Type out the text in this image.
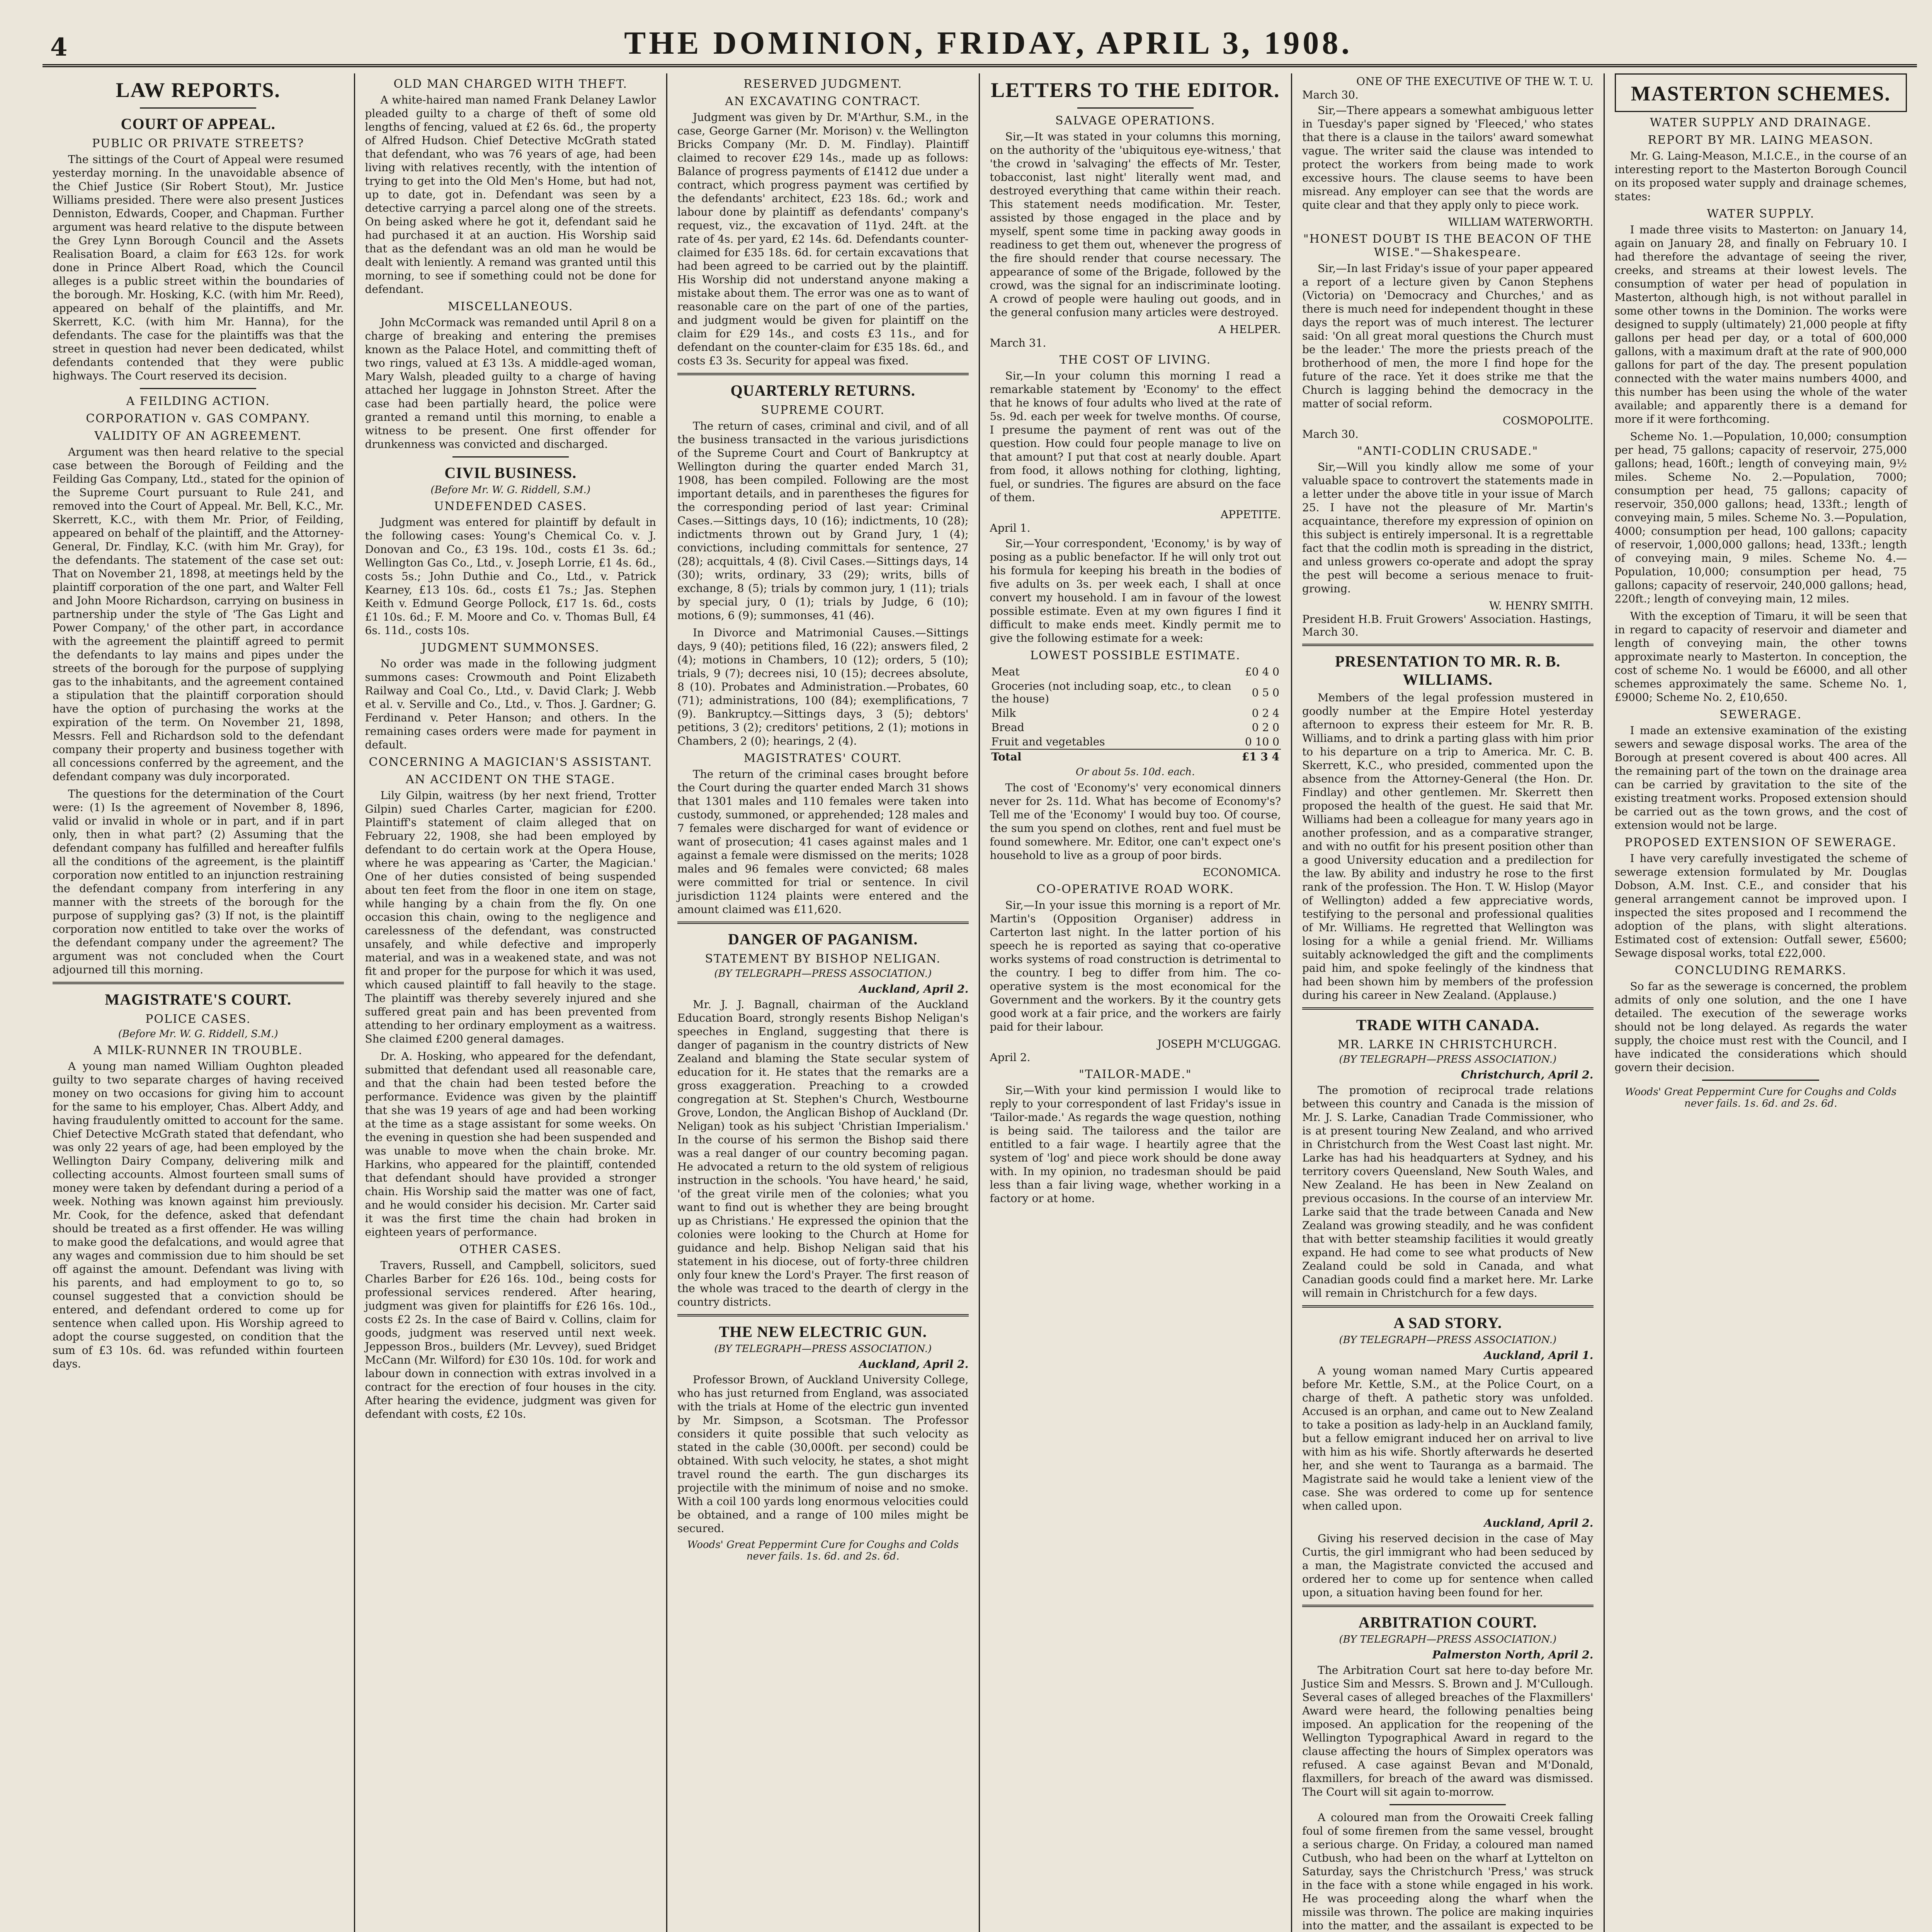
4	THE DOMINION, FRIDAY, APRIL 3, 1908.
LAW REPORTS.
COURT OF APPEAL.
PUBLIC OR PRIVATE STREETS?

The sittings of the Court of Appeal were resumed yesterday morning. In the unavoidable absence of the Chief Justice (Sir Robert Stout), Mr. Justice Williams presided. There were also present Justices Denniston, Edwards, Cooper, and Chapman. Further argument was heard relative to the dispute between the Grey Lynn Borough Council and the Assets Realisation Board, a claim for £63 12s. for work done in Prince Albert Road, which the Council alleges is a public street within the boundaries of the borough. Mr. Hosking, K.C. (with him Mr. Reed), appeared on behalf of the plaintiffs, and Mr. Skerrett, K.C. (with him Mr. Hanna), for the defendants. The case for the plaintiffs was that the street in question had never been dedicated, whilst defendants contended that they were public highways. The Court reserved its decision.

A FEILDING ACTION.
CORPORATION v. GAS COMPANY.
VALIDITY OF AN AGREEMENT.

Argument was then heard relative to the special case between the Borough of Feilding and the Feilding Gas Company, Ltd., stated for the opinion of the Supreme Court pursuant to Rule 241, and removed into the Court of Appeal. Mr. Bell, K.C., Mr. Skerrett, K.C., with them Mr. Prior, of Feilding, appeared on behalf of the plaintiff, and the Attorney-General, Dr. Findlay, K.C. (with him Mr. Gray), for the defendants. The statement of the case set out: That on November 21, 1898, at meetings held by the plaintiff corporation of the one part, and Walter Fell and John Moore Richardson, carrying on business in partnership under the style of 'The Gas Light and Power Company,' of the other part, in accordance with the agreement the plaintiff agreed to permit the defendants to lay mains and pipes under the streets of the borough for the purpose of supplying gas to the inhabitants, and the agreement contained a stipulation that the plaintiff corporation should have the option of purchasing the works at the expiration of the term. On November 21, 1898, Messrs. Fell and Richardson sold to the defendant company their property and business together with all concessions conferred by the agreement, and the defendant company was duly incorporated.

The questions for the determination of the Court were: (1) Is the agreement of November 8, 1896, valid or invalid in whole or in part, and if in part only, then in what part? (2) Assuming that the defendant company has fulfilled and hereafter fulfils all the conditions of the agreement, is the plaintiff corporation now entitled to an injunction restraining the defendant company from interfering in any manner with the streets of the borough for the purpose of supplying gas? (3) If not, is the plaintiff corporation now entitled to take over the works of the defendant company under the agreement? The argument was not concluded when the Court adjourned till this morning.

MAGISTRATE'S COURT.
POLICE CASES.
(Before Mr. W. G. Riddell, S.M.)
A MILK-RUNNER IN TROUBLE.

A young man named William Oughton pleaded guilty to two separate charges of having received money on two occasions for giving him to account for the same to his employer, Chas. Albert Addy, and having fraudulently omitted to account for the same. Chief Detective McGrath stated that defendant, who was only 22 years of age, had been employed by the Wellington Dairy Company, delivering milk and collecting accounts. Almost fourteen small sums of money were taken by defendant during a period of a week. Nothing was known against him previously. Mr. Cook, for the defence, asked that defendant should be treated as a first offender. He was willing to make good the defalcations, and would agree that any wages and commission due to him should be set off against the amount. Defendant was living with his parents, and had employment to go to, so counsel suggested that a conviction should be entered, and defendant ordered to come up for sentence when called upon. His Worship agreed to adopt the course suggested, on condition that the sum of £3 10s. 6d. was refunded within fourteen days.

OLD MAN CHARGED WITH THEFT.

A white-haired man named Frank Delaney Lawlor pleaded guilty to a charge of theft of some old lengths of fencing, valued at £2 6s. 6d., the property of Alfred Hudson. Chief Detective McGrath stated that defendant, who was 76 years of age, had been living with relatives recently, with the intention of trying to get into the Old Men's Home, but had not, up to date, got in. Defendant was seen by a detective carrying a parcel along one of the streets. On being asked where he got it, defendant said he had purchased it at an auction. His Worship said that as the defendant was an old man he would be dealt with leniently. A remand was granted until this morning, to see if something could not be done for defendant.

MISCELLANEOUS.

John McCormack was remanded until April 8 on a charge of breaking and entering the premises known as the Palace Hotel, and committing theft of two rings, valued at £3 13s. A middle-aged woman, Mary Walsh, pleaded guilty to a charge of having attached her luggage in Johnston Street. After the case had been partially heard, the police were granted a remand until this morning, to enable a witness to be present. One first offender for drunkenness was convicted and discharged.

CIVIL BUSINESS.
(Before Mr. W. G. Riddell, S.M.)
UNDEFENDED CASES.

Judgment was entered for plaintiff by default in the following cases: Young's Chemical Co. v. J. Donovan and Co., £3 19s. 10d., costs £1 3s. 6d.; Wellington Gas Co., Ltd., v. Joseph Lorrie, £1 4s. 6d., costs 5s.; John Duthie and Co., Ltd., v. Patrick Kearney, £13 10s. 6d., costs £1 7s.; Jas. Stephen Keith v. Edmund George Pollock, £17 1s. 6d., costs £1 10s. 6d.; F. M. Moore and Co. v. Thomas Bull, £4 6s. 11d., costs 10s.

JUDGMENT SUMMONSES.

No order was made in the following judgment summons cases: Crowmouth and Point Elizabeth Railway and Coal Co., Ltd., v. David Clark; J. Webb et al. v. Serville and Co., Ltd., v. Thos. J. Gardner; G. Ferdinand v. Peter Hanson; and others. In the remaining cases orders were made for payment in default.

CONCERNING A MAGICIAN'S ASSISTANT.
AN ACCIDENT ON THE STAGE.

Lily Gilpin, waitress (by her next friend, Trotter Gilpin) sued Charles Carter, magician for £200. Plaintiff's statement of claim alleged that on February 22, 1908, she had been employed by defendant to do certain work at the Opera House, where he was appearing as 'Carter, the Magician.' One of her duties consisted of being suspended about ten feet from the floor in one item on stage, while hanging by a chain from the fly. On one occasion this chain, owing to the negligence and carelessness of the defendant, was constructed unsafely, and while defective and improperly material, and was in a weakened state, and was not fit and proper for the purpose for which it was used, which caused plaintiff to fall heavily to the stage. The plaintiff was thereby severely injured and she suffered great pain and has been prevented from attending to her ordinary employment as a waitress. She claimed £200 general damages.

Dr. A. Hosking, who appeared for the defendant, submitted that defendant used all reasonable care, and that the chain had been tested before the performance. Evidence was given by the plaintiff that she was 19 years of age and had been working at the time as a stage assistant for some weeks. On the evening in question she had been suspended and was unable to move when the chain broke. Mr. Harkins, who appeared for the plaintiff, contended that defendant should have provided a stronger chain. His Worship said the matter was one of fact, and he would consider his decision. Mr. Carter said it was the first time the chain had broken in eighteen years of performance.

OTHER CASES.

Travers, Russell, and Campbell, solicitors, sued Charles Barber for £26 16s. 10d., being costs for professional services rendered. After hearing, judgment was given for plaintiffs for £26 16s. 10d., costs £2 2s. In the case of Baird v. Collins, claim for goods, judgment was reserved until next week. Jeppesson Bros., builders (Mr. Levvey), sued Bridget McCann (Mr. Wilford) for £30 10s. 10d. for work and labour down in connection with extras involved in a contract for the erection of four houses in the city. After hearing the evidence, judgment was given for defendant with costs, £2 10s.

RESERVED JUDGMENT.
AN EXCAVATING CONTRACT.

Judgment was given by Dr. M'Arthur, S.M., in the case, George Garner (Mr. Morison) v. the Wellington Bricks Company (Mr. D. M. Findlay). Plaintiff claimed to recover £29 14s., made up as follows: Balance of progress payments of £1412 due under a contract, which progress payment was certified by the defendants' architect, £23 18s. 6d.; work and labour done by plaintiff as defendants' company's request, viz., the excavation of 11yd. 24ft. at the rate of 4s. per yard, £2 14s. 6d. Defendants counter-claimed for £35 18s. 6d. for certain excavations that had been agreed to be carried out by the plaintiff. His Worship did not understand anyone making a mistake about them. The error was one as to want of reasonable care on the part of one of the parties, and judgment would be given for plaintiff on the claim for £29 14s., and costs £3 11s., and for defendant on the counter-claim for £35 18s. 6d., and costs £3 3s. Security for appeal was fixed.

QUARTERLY RETURNS.
SUPREME COURT.

The return of cases, criminal and civil, and of all the business transacted in the various jurisdictions of the Supreme Court and Court of Bankruptcy at Wellington during the quarter ended March 31, 1908, has been compiled. Following are the most important details, and in parentheses the figures for the corresponding period of last year: Criminal Cases.—Sittings days, 10 (16); indictments, 10 (28); indictments thrown out by Grand Jury, 1 (4); convictions, including committals for sentence, 27 (28); acquittals, 4 (8). Civil Cases.—Sittings days, 14 (30); writs, ordinary, 33 (29); writs, bills of exchange, 8 (5); trials by common jury, 1 (11); trials by special jury, 0 (1); trials by Judge, 6 (10); motions, 6 (9); summonses, 41 (46).

In Divorce and Matrimonial Causes.—Sittings days, 9 (40); petitions filed, 16 (22); answers filed, 2 (4); motions in Chambers, 10 (12); orders, 5 (10); trials, 9 (7); decrees nisi, 10 (15); decrees absolute, 8 (10). Probates and Administration.—Probates, 60 (71); administrations, 100 (84); exemplifications, 7 (9). Bankruptcy.—Sittings days, 3 (5); debtors' petitions, 3 (2); creditors' petitions, 2 (1); motions in Chambers, 2 (0); hearings, 2 (4).

MAGISTRATES' COURT.

The return of the criminal cases brought before the Court during the quarter ended March 31 shows that 1301 males and 110 females were taken into custody, summoned, or apprehended; 128 males and 7 females were discharged for want of evidence or want of prosecution; 41 cases against males and 1 against a female were dismissed on the merits; 1028 males and 96 females were convicted; 68 males were committed for trial or sentence. In civil jurisdiction 1124 plaints were entered and the amount claimed was £11,620.

DANGER OF PAGANISM.
STATEMENT BY BISHOP NELIGAN.
(BY TELEGRAPH—PRESS ASSOCIATION.)
Auckland, April 2.

Mr. J. J. Bagnall, chairman of the Auckland Education Board, strongly resents Bishop Neligan's speeches in England, suggesting that there is danger of paganism in the country districts of New Zealand and blaming the State secular system of education for it. He states that the remarks are a gross exaggeration. Preaching to a crowded congregation at St. Stephen's Church, Westbourne Grove, London, the Anglican Bishop of Auckland (Dr. Neligan) took as his subject 'Christian Imperialism.' In the course of his sermon the Bishop said there was a real danger of our country becoming pagan. He advocated a return to the old system of religious instruction in the schools. 'You have heard,' he said, 'of the great virile men of the colonies; what you want to find out is whether they are being brought up as Christians.' He expressed the opinion that the colonies were looking to the Church at Home for guidance and help. Bishop Neligan said that his statement in his diocese, out of forty-three children only four knew the Lord's Prayer. The first reason of the whole was traced to the dearth of clergy in the country districts.

THE NEW ELECTRIC GUN.
(BY TELEGRAPH—PRESS ASSOCIATION.)
Auckland, April 2.

Professor Brown, of Auckland University College, who has just returned from England, was associated with the trials at Home of the electric gun invented by Mr. Simpson, a Scotsman. The Professor considers it quite possible that such velocity as stated in the cable (30,000ft. per second) could be obtained. With such velocity, he states, a shot might travel round the earth. The gun discharges its projectile with the minimum of noise and no smoke. With a coil 100 yards long enormous velocities could be obtained, and a range of 100 miles might be secured.

Woods' Great Peppermint Cure for Coughs and Colds never fails. 1s. 6d. and 2s. 6d.
LETTERS TO THE EDITOR.
SALVAGE OPERATIONS.

Sir,—It was stated in your columns this morning, on the authority of the 'ubiquitous eye-witness,' that 'the crowd in 'salvaging' the effects of Mr. Tester, tobacconist, last night' literally went mad, and destroyed everything that came within their reach. This statement needs modification. Mr. Tester, assisted by those engaged in the place and by myself, spent some time in packing away goods in readiness to get them out, whenever the progress of the fire should render that course necessary. The appearance of some of the Brigade, followed by the crowd, was the signal for an indiscriminate looting. A crowd of people were hauling out goods, and in the general confusion many articles were destroyed.

A HELPER.
March 31.
THE COST OF LIVING.

Sir,—In your column this morning I read a remarkable statement by 'Economy' to the effect that he knows of four adults who lived at the rate of 5s. 9d. each per week for twelve months. Of course, I presume the payment of rent was out of the question. How could four people manage to live on that amount? I put that cost at nearly double. Apart from food, it allows nothing for clothing, lighting, fuel, or sundries. The figures are absurd on the face of them.

APPETITE.
April 1.

Sir,—Your correspondent, 'Economy,' is by way of posing as a public benefactor. If he will only trot out his formula for keeping his breath in the bodies of five adults on 3s. per week each, I shall at once convert my household. I am in favour of the lowest possible estimate. Even at my own figures I find it difficult to make ends meet. Kindly permit me to give the following estimate for a week:

LOWEST POSSIBLE ESTIMATE.
Meat	£0 4 0
Groceries (not including soap, etc., to clean the house)	0 5 0
Milk	0 2 4
Bread	0 2 0
Fruit and vegetables	0 10 0
Total	£1 3 4
Or about 5s. 10d. each.

The cost of 'Economy's' very economical dinners never for 2s. 11d. What has become of Economy's? Tell me of the 'Economy' I would buy too. Of course, the sum you spend on clothes, rent and fuel must be found somewhere. Mr. Editor, one can't expect one's household to live as a group of poor birds.

ECONOMICA.
CO-OPERATIVE ROAD WORK.

Sir,—In your issue this morning is a report of Mr. Martin's (Opposition Organiser) address in Carterton last night. In the latter portion of his speech he is reported as saying that co-operative works systems of road construction is detrimental to the country. I beg to differ from him. The co-operative system is the most economical for the Government and the workers. By it the country gets good work at a fair price, and the workers are fairly paid for their labour.

JOSEPH M'CLUGGAG.
April 2.
"TAILOR-MADE."

Sir,—With your kind permission I would like to reply to your correspondent of last Friday's issue in 'Tailor-made.' As regards the wage question, nothing is being said. The tailoress and the tailor are entitled to a fair wage. I heartily agree that the system of 'log' and piece work should be done away with. In my opinion, no tradesman should be paid less than a fair living wage, whether working in a factory or at home.

ONE OF THE EXECUTIVE OF THE W. T. U.
March 30.

Sir,—There appears a somewhat ambiguous letter in Tuesday's paper signed by 'Fleeced,' who states that there is a clause in the tailors' award somewhat vague. The writer said the clause was intended to protect the workers from being made to work excessive hours. The clause seems to have been misread. Any employer can see that the words are quite clear and that they apply only to piece work.

WILLIAM WATERWORTH.
"HONEST DOUBT IS THE BEACON OF THE WISE."—Shakespeare.

Sir,—In last Friday's issue of your paper appeared a report of a lecture given by Canon Stephens (Victoria) on 'Democracy and Churches,' and as there is much need for independent thought in these days the report was of much interest. The lecturer said: 'On all great moral questions the Church must be the leader.' The more the priests preach of the brotherhood of men, the more I find hope for the future of the race. Yet it does strike me that the Church is lagging behind the democracy in the matter of social reform.

COSMOPOLITE.
March 30.
"ANTI-CODLIN CRUSADE."

Sir,—Will you kindly allow me some of your valuable space to controvert the statements made in a letter under the above title in your issue of March 25. I have not the pleasure of Mr. Martin's acquaintance, therefore my expression of opinion on this subject is entirely impersonal. It is a regrettable fact that the codlin moth is spreading in the district, and unless growers co-operate and adopt the spray the pest will become a serious menace to fruit-growing.

W. HENRY SMITH.
President H.B. Fruit Growers' Association. Hastings, March 30.
PRESENTATION TO MR. R. B. WILLIAMS.

Members of the legal profession mustered in goodly number at the Empire Hotel yesterday afternoon to express their esteem for Mr. R. B. Williams, and to drink a parting glass with him prior to his departure on a trip to America. Mr. C. B. Skerrett, K.C., who presided, commented upon the absence from the Attorney-General (the Hon. Dr. Findlay) and other gentlemen. Mr. Skerrett then proposed the health of the guest. He said that Mr. Williams had been a colleague for many years ago in another profession, and as a comparative stranger, and with no outfit for his present position other than a good University education and a predilection for the law. By ability and industry he rose to the first rank of the profession. The Hon. T. W. Hislop (Mayor of Wellington) added a few appreciative words, testifying to the personal and professional qualities of Mr. Williams. He regretted that Wellington was losing for a while a genial friend. Mr. Williams suitably acknowledged the gift and the compliments paid him, and spoke feelingly of the kindness that had been shown him by members of the profession during his career in New Zealand. (Applause.)

TRADE WITH CANADA.
MR. LARKE IN CHRISTCHURCH.
(BY TELEGRAPH—PRESS ASSOCIATION.)
Christchurch, April 2.

The promotion of reciprocal trade relations between this country and Canada is the mission of Mr. J. S. Larke, Canadian Trade Commissioner, who is at present touring New Zealand, and who arrived in Christchurch from the West Coast last night. Mr. Larke has had his headquarters at Sydney, and his territory covers Queensland, New South Wales, and New Zealand. He has been in New Zealand on previous occasions. In the course of an interview Mr. Larke said that the trade between Canada and New Zealand was growing steadily, and he was confident that with better steamship facilities it would greatly expand. He had come to see what products of New Zealand could be sold in Canada, and what Canadian goods could find a market here. Mr. Larke will remain in Christchurch for a few days.

A SAD STORY.
(BY TELEGRAPH—PRESS ASSOCIATION.)
Auckland, April 1.

A young woman named Mary Curtis appeared before Mr. Kettle, S.M., at the Police Court, on a charge of theft. A pathetic story was unfolded. Accused is an orphan, and came out to New Zealand to take a position as lady-help in an Auckland family, but a fellow emigrant induced her on arrival to live with him as his wife. Shortly afterwards he deserted her, and she went to Tauranga as a barmaid. The Magistrate said he would take a lenient view of the case. She was ordered to come up for sentence when called upon.

Auckland, April 2.

Giving his reserved decision in the case of May Curtis, the girl immigrant who had been seduced by a man, the Magistrate convicted the accused and ordered her to come up for sentence when called upon, a situation having been found for her.

ARBITRATION COURT.
(BY TELEGRAPH—PRESS ASSOCIATION.)
Palmerston North, April 2.

The Arbitration Court sat here to-day before Mr. Justice Sim and Messrs. S. Brown and J. M'Cullough. Several cases of alleged breaches of the Flaxmillers' Award were heard, the following penalties being imposed. An application for the reopening of the Wellington Typographical Award in regard to the clause affecting the hours of Simplex operators was refused. A case against Bevan and M'Donald, flaxmillers, for breach of the award was dismissed. The Court will sit again to-morrow.

A coloured man from the Orowaiti Creek falling foul of some firemen from the same vessel, brought a serious charge. On Friday, a coloured man named Cutbush, who had been on the wharf at Lyttelton on Saturday, says the Christchurch 'Press,' was struck in the face with a stone while engaged in his work. He was proceeding along the wharf when the missile was thrown. The police are making inquiries into the matter, and the assailant is expected to be

MASTERTON SCHEMES.
WATER SUPPLY AND DRAINAGE.
REPORT BY MR. LAING MEASON.

Mr. G. Laing-Meason, M.I.C.E., in the course of an interesting report to the Masterton Borough Council on its proposed water supply and drainage schemes, states:

WATER SUPPLY.

I made three visits to Masterton: on January 14, again on January 28, and finally on February 10. I had therefore the advantage of seeing the river, creeks, and streams at their lowest levels. The consumption of water per head of population in Masterton, although high, is not without parallel in some other towns in the Dominion. The works were designed to supply (ultimately) 21,000 people at fifty gallons per head per day, or a total of 600,000 gallons, with a maximum draft at the rate of 900,000 gallons for part of the day. The present population connected with the water mains numbers 4000, and this number has been using the whole of the water available; and apparently there is a demand for more if it were forthcoming.

Scheme No. 1.—Population, 10,000; consumption per head, 75 gallons; capacity of reservoir, 275,000 gallons; head, 160ft.; length of conveying main, 9½ miles. Scheme No. 2.—Population, 7000; consumption per head, 75 gallons; capacity of reservoir, 350,000 gallons; head, 133ft.; length of conveying main, 5 miles. Scheme No. 3.—Population, 4000; consumption per head, 100 gallons; capacity of reservoir, 1,000,000 gallons; head, 133ft.; length of conveying main, 9 miles. Scheme No. 4.—Population, 10,000; consumption per head, 75 gallons; capacity of reservoir, 240,000 gallons; head, 220ft.; length of conveying main, 12 miles.

With the exception of Timaru, it will be seen that in regard to capacity of reservoir and diameter and length of conveying main, the other towns approximate nearly to Masterton. In conception, the cost of scheme No. 1 would be £6000, and all other schemes approximately the same. Scheme No. 1, £9000; Scheme No. 2, £10,650.

SEWERAGE.

I made an extensive examination of the existing sewers and sewage disposal works. The area of the Borough at present covered is about 400 acres. All the remaining part of the town on the drainage area can be carried by gravitation to the site of the existing treatment works. Proposed extension should be carried out as the town grows, and the cost of extension would not be large.

PROPOSED EXTENSION OF SEWERAGE.

I have very carefully investigated the scheme of sewerage extension formulated by Mr. Douglas Dobson, A.M. Inst. C.E., and consider that his general arrangement cannot be improved upon. I inspected the sites proposed and I recommend the adoption of the plans, with slight alterations. Estimated cost of extension: Outfall sewer, £5600; Sewage disposal works, total £22,000.

CONCLUDING REMARKS.

So far as the sewerage is concerned, the problem admits of only one solution, and the one I have detailed. The execution of the sewerage works should not be long delayed. As regards the water supply, the choice must rest with the Council, and I have indicated the considerations which should govern their decision.

Woods' Great Peppermint Cure for Coughs and Colds never fails. 1s. 6d. and 2s. 6d.
